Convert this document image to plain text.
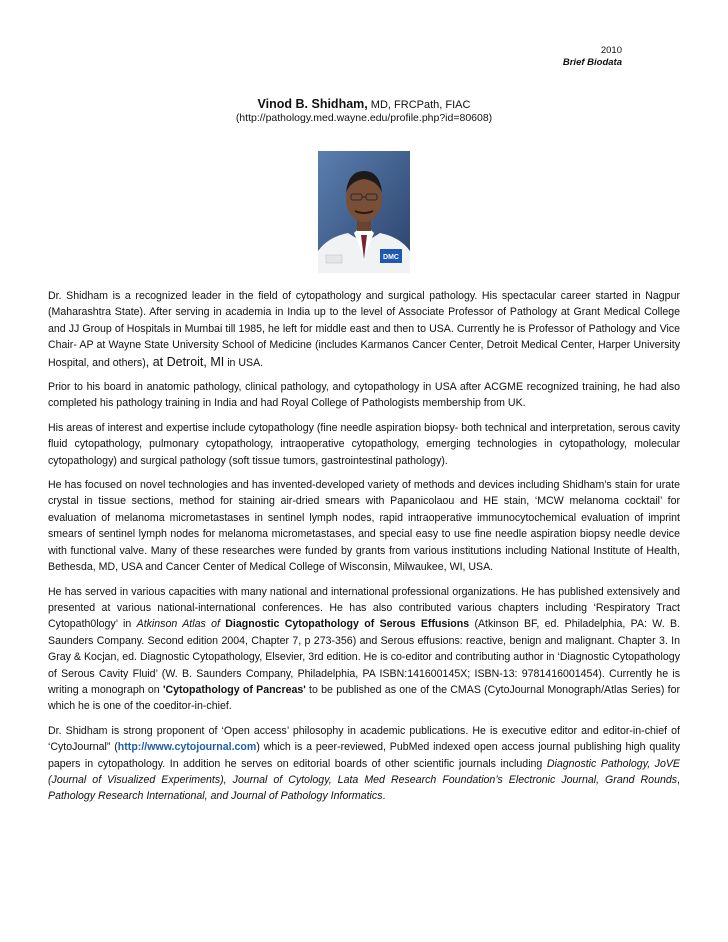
2010
Brief Biodata
Vinod B. Shidham, MD, FRCPath, FIAC
(http://pathology.med.wayne.edu/profile.php?id=80608)
DMC

Dr. Shidham is a recognized leader in the field of cytopathology and surgical pathology. His spectacular career started in Nagpur (Maharashtra State). After serving in academia in India up to the level of Associate Professor of Pathology at Grant Medical College and JJ Group of Hospitals in Mumbai till 1985, he left for middle east and then to USA. Currently he is Professor of Pathology and Vice Chair- AP at Wayne State University School of Medicine (includes Karmanos Cancer Center, Detroit Medical Center, Harper University Hospital, and others), at Detroit, MI in USA.

Prior to his board in anatomic pathology, clinical pathology, and cytopathology in USA after ACGME recognized training, he had also completed his pathology training in India and had Royal College of Pathologists membership from UK.

His areas of interest and expertise include cytopathology (fine needle aspiration biopsy- both technical and interpretation, serous cavity fluid cytopathology, pulmonary cytopathology, intraoperative cytopathology, emerging technologies in cytopathology, molecular cytopathology) and surgical pathology (soft tissue tumors, gastrointestinal pathology).

He has focused on novel technologies and has invented-developed variety of methods and devices including Shidham’s stain for urate crystal in tissue sections, method for staining air-dried smears with Papanicolaou and HE stain, ‘MCW melanoma cocktail’ for evaluation of melanoma micrometastases in sentinel lymph nodes, rapid intraoperative immunocytochemical evaluation of imprint smears of sentinel lymph nodes for melanoma micrometastases, and special easy to use fine needle aspiration biopsy needle device with functional valve. Many of these researches were funded by grants from various institutions including National Institute of Health, Bethesda, MD, USA and Cancer Center of Medical College of Wisconsin, Milwaukee, WI, USA.

He has served in various capacities with many national and international professional organizations. He has published extensively and presented at various national-international conferences. He has also contributed various chapters including ‘Respiratory Tract Cytopath0logy’ in Atkinson Atlas of Diagnostic Cytopathology of Serous Effusions (Atkinson BF, ed. Philadelphia, PA: W. B. Saunders Company. Second edition 2004, Chapter 7, p 273-356) and Serous effusions: reactive, benign and malignant. Chapter 3. In Gray & Kocjan, ed. Diagnostic Cytopathology, Elsevier, 3rd edition. He is co-editor and contributing author in ‘Diagnostic Cytopathology of Serous Cavity Fluid’ (W. B. Saunders Company, Philadelphia, PA ISBN:141600145X; ISBN-13: 9781416001454). Currently he is writing a monograph on 'Cytopathology of Pancreas' to be published as one of the CMAS (CytoJournal Monograph/Atlas Series) for which he is one of the coeditor-in-chief.

Dr. Shidham is strong proponent of ‘Open access’ philosophy in academic publications. He is executive editor and editor-in-chief of ‘CytoJournal” (http://www.cytojournal.com) which is a peer-reviewed, PubMed indexed open access journal publishing high quality papers in cytopathology. In addition he serves on editorial boards of other scientific journals including Diagnostic Pathology, JoVE (Journal of Visualized Experiments), Journal of Cytology, Lata Med Research Foundation’s Electronic Journal, Grand Rounds, Pathology Research International, and Journal of Pathology Informatics.
